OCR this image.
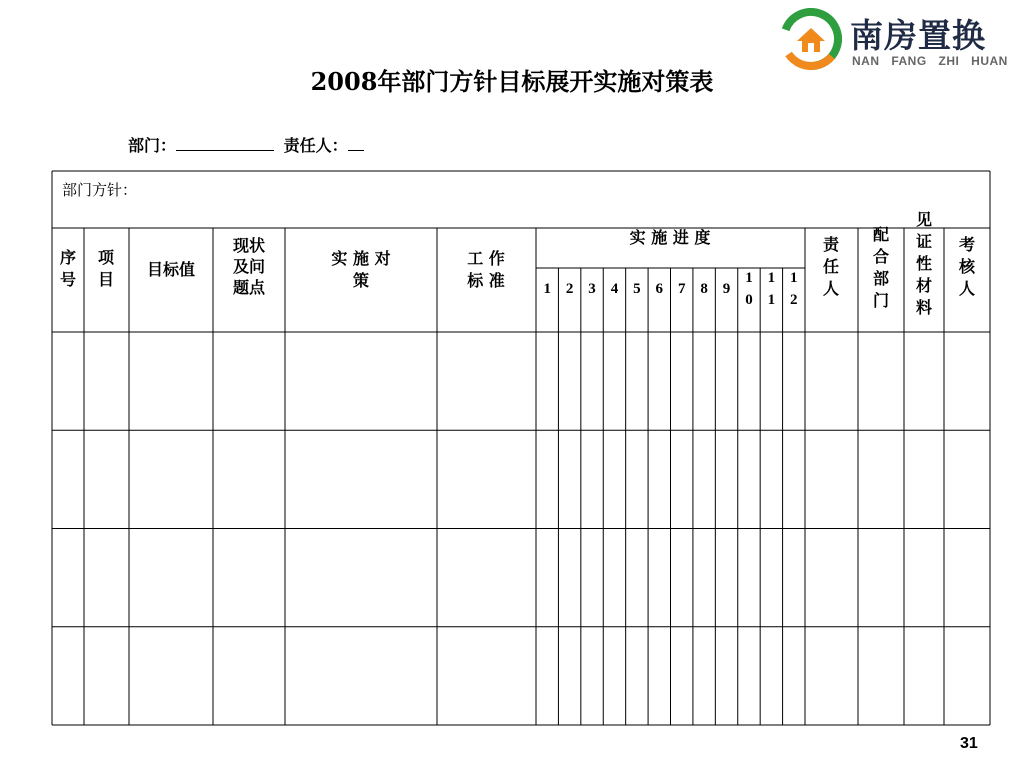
南房置换
NAN FANG ZHI HUAN
2008年部门方针目标展开实施对策表
部门：	责任人：
部门方针：
序
号
项
目
目标值
现状
及问
题点
实 施 对
策
工 作
标 准
实 施 进 度
1 2 3 4 5 6 7 8 9
1
0
1
1
1
2
责
任
人
配
合
部
门
见
证
性
材
料
考
核
人
31
